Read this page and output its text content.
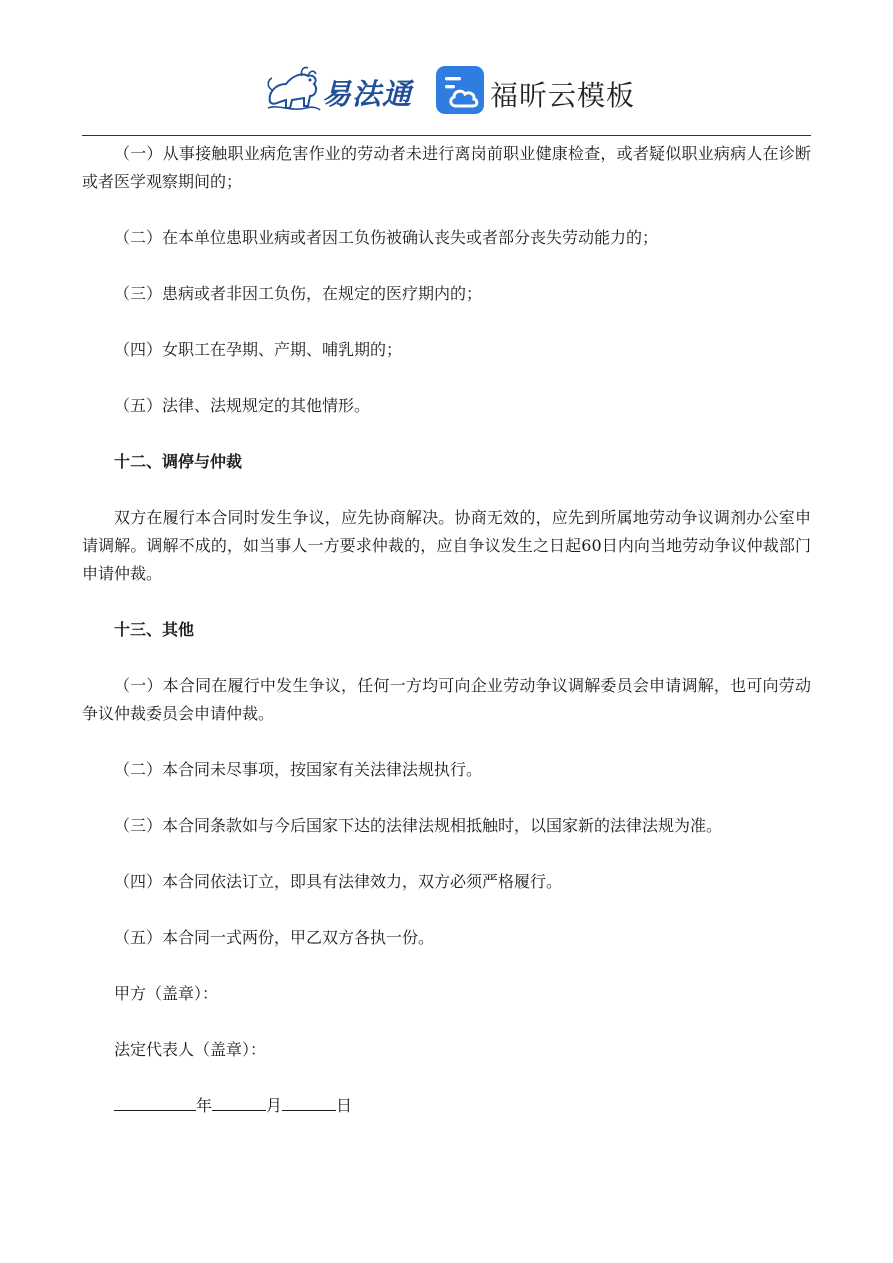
易法通	福昕云模板

（一）从事接触职业病危害作业的劳动者未进行离岗前职业健康检查，或者疑似职业病病人在诊断或者医学观察期间的；

（二）在本单位患职业病或者因工负伤被确认丧失或者部分丧失劳动能力的；

（三）患病或者非因工负伤，在规定的医疗期内的；

（四）女职工在孕期、产期、哺乳期的；

（五）法律、法规规定的其他情形。

十二、调停与仲裁

双方在履行本合同时发生争议，应先协商解决。协商无效的，应先到所属地劳动争议调剂办公室申请调解。调解不成的，如当事人一方要求仲裁的，应自争议发生之日起60日内向当地劳动争议仲裁部门申请仲裁。

十三、其他

（一）本合同在履行中发生争议，任何一方均可向企业劳动争议调解委员会申请调解，也可向劳动争议仲裁委员会申请仲裁。

（二）本合同未尽事项，按国家有关法律法规执行。

（三）本合同条款如与今后国家下达的法律法规相抵触时，以国家新的法律法规为准。

（四）本合同依法订立，即具有法律效力，双方必须严格履行。

（五）本合同一式两份，甲乙双方各执一份。

甲方（盖章）：

法定代表人（盖章）：

年	月	日
